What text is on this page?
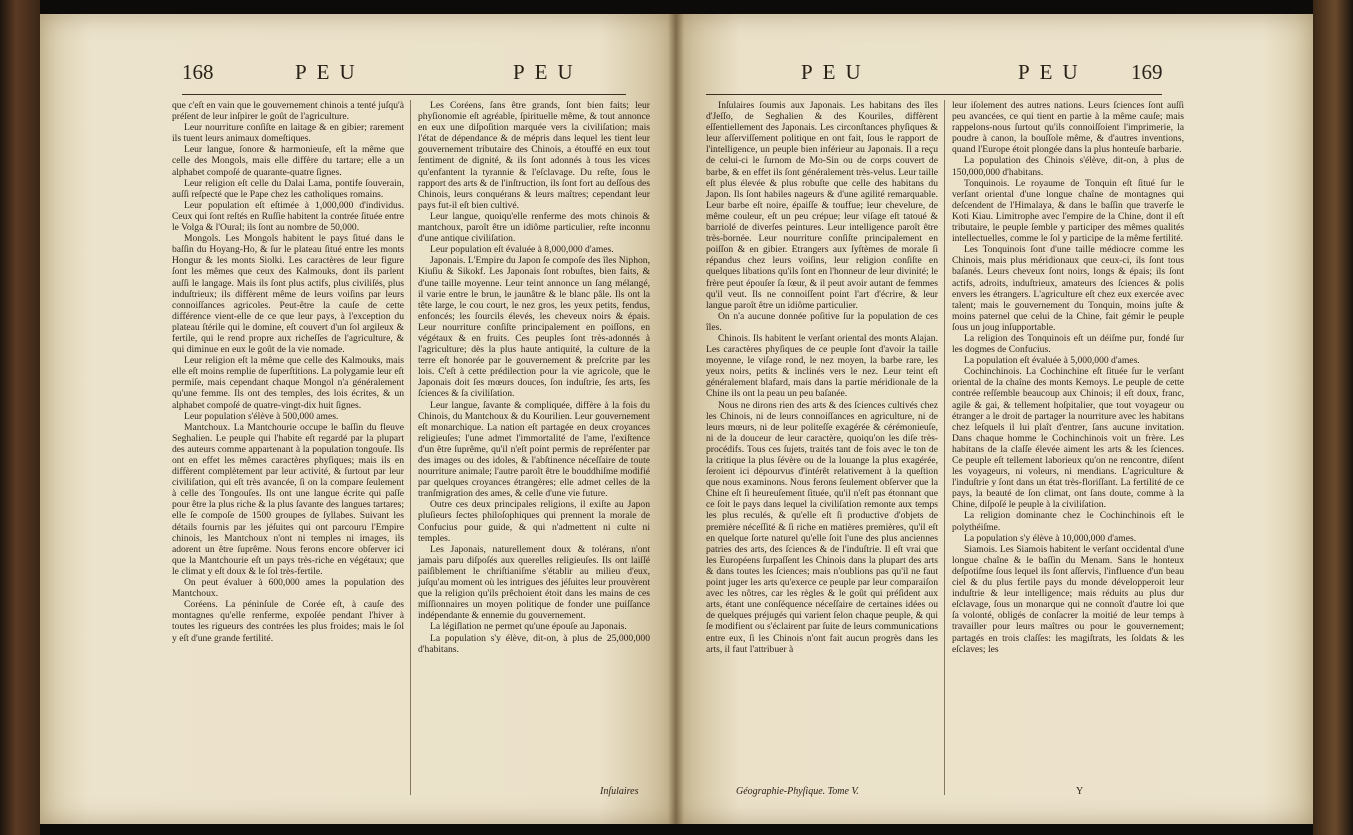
168	PEU	PEU

que c'eſt en vain que le gouvernement chinois a tenté juſqu'à préſent de leur inſpirer le goût de l'agriculture.

Leur nourriture conſiſte en laitage & en gibier; rarement ils tuent leurs animaux domeſtiques.

Leur langue, ſonore & harmonieuſe, eſt la même que celle des Mongols, mais elle diffère du tartare; elle a un alphabet compoſé de quarante-quatre ſignes.

Leur religion eſt celle du Dalai Lama, pontife ſouverain, auſſi reſpecté que le Pape chez les catholiques romains.

Leur population eſt eſtimée à 1,000,000 d'individus. Ceux qui ſont reſtés en Ruſſie habitent la contrée ſituée entre le Volga & l'Oural; ils ſont au nombre de 50,000.

Mongols. Les Mongols habitent le pays ſitué dans le baſſin du Hoyang-Ho, & ſur le plateau ſitué entre les monts Hongur & les monts Siolki. Les caractères de leur figure ſont les mêmes que ceux des Kalmouks, dont ils parlent auſſi le langage. Mais ils ſont plus actifs, plus civiliſés, plus induſtrieux; ils diffèrent même de leurs voiſins par leurs connoiſſances agricoles. Peut-être la cauſe de cette différence vient-elle de ce que leur pays, à l'exception du plateau ſtérile qui le domine, eſt couvert d'un ſol argileux & fertile, qui le rend propre aux richeſſes de l'agriculture, & qui diminue en eux le goût de la vie nomade.

Leur religion eſt la même que celle des Kalmouks, mais elle eſt moins remplie de ſuperſtitions. La polygamie leur eſt permiſe, mais cependant chaque Mongol n'a généralement qu'une femme. Ils ont des temples, des lois écrites, & un alphabet compoſé de quatre-vingt-dix huit ſignes.

Leur population s'élève à 500,000 ames.

Mantchoux. La Mantchourie occupe le baſſin du fleuve Seghalien. Le peuple qui l'habite eſt regardé par la plupart des auteurs comme appartenant à la population tongouſe. Ils ont en effet les mêmes caractères phyſiques; mais ils en diffèrent complètement par leur activité, & ſurtout par leur civiliſation, qui eſt très avancée, ſi on la compare ſeulement à celle des Tongouſes. Ils ont une langue écrite qui paſſe pour être la plus riche & la plus ſavante des langues tartares; elle ſe compoſe de 1500 groupes de ſyllabes. Suivant les détails fournis par les jéſuites qui ont parcouru l'Empire chinois, les Mantchoux n'ont ni temples ni images, ils adorent un être ſuprême. Nous ferons encore obſerver ici que la Mantchourie eſt un pays très-riche en végétaux; que le climat y eſt doux & le ſol très-fertile.

On peut évaluer à 600,000 ames la population des Mantchoux.

Coréens. La péninſule de Corée eſt, à cauſe des montagnes qu'elle renferme, expoſée pendant l'hiver à toutes les rigueurs des contrées les plus froides; mais le ſol y eſt d'une grande fertilité.

Les Coréens, ſans être grands, ſont bien faits; leur phyſionomie eſt agréable, ſpirituelle même, & tout annonce en eux une diſpoſition marquée vers la civiliſation; mais l'état de dépendance & de mépris dans lequel les tient leur gouvernement tributaire des Chinois, a étouffé en eux tout ſentiment de dignité, & ils ſont adonnés à tous les vices qu'enfantent la tyrannie & l'eſclavage. Du reſte, ſous le rapport des arts & de l'inſtruction, ils ſont fort au deſſous des Chinois, leurs conquérans & leurs maîtres; cependant leur pays fut-il eſt bien cultivé.

Leur langue, quoiqu'elle renferme des mots chinois & mantchoux, paroît être un idiôme particulier, reſte inconnu d'une antique civiliſation.

Leur population eſt évaluée à 8,000,000 d'ames.

Japonais. L'Empire du Japon ſe compoſe des îles Niphon, Kiuſiu & Sikokf. Les Japonais ſont robuſtes, bien faits, & d'une taille moyenne. Leur teint annonce un ſang mélangé, il varie entre le brun, le jaunâtre & le blanc pâle. Ils ont la tête large, le cou court, le nez gros, les yeux petits, fendus, enfoncés; les ſourcils élevés, les cheveux noirs & épais. Leur nourriture conſiſte principalement en poiſſons, en végétaux & en fruits. Ces peuples ſont très-adonnés à l'agriculture; dès la plus haute antiquité, la culture de la terre eſt honorée par le gouvernement & preſcrite par les lois. C'eſt à cette prédilection pour la vie agricole, que le Japonais doit ſes mœurs douces, ſon induſtrie, ſes arts, ſes ſciences & ſa civiliſation.

Leur langue, ſavante & compliquée, diffère à la fois du Chinois, du Mantchoux & du Kourilien. Leur gouvernement eſt monarchique. La nation eſt partagée en deux croyances religieuſes; l'une admet l'immortalité de l'ame, l'exiſtence d'un être ſuprême, qu'il n'eſt point permis de repréſenter par des images ou des idoles, & l'abſtinence néceſſaire de toute nourriture animale; l'autre paroît être le bouddhiſme modifié par quelques croyances étrangères; elle admet celles de la tranſmigration des ames, & celle d'une vie future.

Outre ces deux principales religions, il exiſte au Japon pluſieurs ſectes philoſophiques qui prennent la morale de Confucius pour guide, & qui n'admettent ni culte ni temples.

Les Japonais, naturellement doux & tolérans, n'ont jamais paru diſpoſés aux querelles religieuſes. Ils ont laiſſé paiſiblement le chriſtianiſme s'établir au milieu d'eux, juſqu'au moment où les intrigues des jéſuites leur prouvèrent que la religion qu'ils prêchoient étoit dans les mains de ces miſſionnaires un moyen politique de fonder une puiſſance indépendante & ennemie du gouvernement.

La légiſlation ne permet qu'une épouſe au Japonais.

La population s'y élève, dit-on, à plus de 25,000,000 d'habitans.

Inſulaires
PEU	PEU 169

Inſulaires ſoumis aux Japonais. Les habitans des îles d'Jeſſo, de Seghalien & des Kouriles, diffèrent eſſentiellement des Japonais. Les circonſtances phyſiques & leur aſſerviſſement politique en ont fait, ſous le rapport de l'intelligence, un peuple bien inférieur au Japonais. Il a reçu de celui-ci le ſurnom de Mo-Sin ou de corps couvert de barbe, & en effet ils ſont généralement très-velus. Leur taille eſt plus élevée & plus robuſte que celle des habitans du Japon. Ils ſont habiles nageurs & d'une agilité remarquable. Leur barbe eſt noire, épaiſſe & touffue; leur chevelure, de même couleur, eſt un peu crépue; leur viſage eſt tatoué & barriolé de diverſes peintures. Leur intelligence paroît être très-bornée. Leur nourriture conſiſte principalement en poiſſon & en gibier. Etrangers aux ſyſtèmes de morale ſi répandus chez leurs voiſins, leur religion conſiſte en quelques libations qu'ils ſont en l'honneur de leur divinité; le frère peut épouſer ſa ſœur, & il peut avoir autant de femmes qu'il veut. Ils ne connoiſſent point l'art d'écrire, & leur langue paroît être un idiôme particulier.

On n'a aucune donnée poſitive ſur la population de ces îles.

Chinois. Ils habitent le verſant oriental des monts Alajan. Les caractères phyſiques de ce peuple ſont d'avoir la taille moyenne, le viſage rond, le nez moyen, la barbe rare, les yeux noirs, petits & inclinés vers le nez. Leur teint eſt généralement blafard, mais dans la partie méridionale de la Chine ils ont la peau un peu baſanée.

Nous ne dirons rien des arts & des ſciences cultivés chez les Chinois, ni de leurs connoiſſances en agriculture, ni de leurs mœurs, ni de leur politeſſe exagérée & cérémonieuſe, ni de la douceur de leur caractère, quoiqu'on les diſe très-procédifs. Tous ces ſujets, traités tant de fois avec le ton de la critique la plus ſévère ou de la louange la plus exagérée, ſeroient ici dépourvus d'intérêt relativement à la queſtion que nous examinons. Nous ferons ſeulement obſerver que la Chine eſt ſi heureuſement ſituée, qu'il n'eſt pas étonnant que ce ſoit le pays dans lequel la civiliſation remonte aux temps les plus reculés, & qu'elle eſt ſi productive d'objets de première néceſſité & ſi riche en matières premières, qu'il eſt en quelque ſorte naturel qu'elle ſoit l'une des plus anciennes patries des arts, des ſciences & de l'induſtrie. Il eſt vrai que les Européens ſurpaſſent les Chinois dans la plupart des arts & dans toutes les ſciences; mais n'oublions pas qu'il ne faut point juger les arts qu'exerce ce peuple par leur comparaiſon avec les nôtres, car les règles & le goût qui préſident aux arts, étant une conſéquence néceſſaire de certaines idées ou de quelques préjugés qui varient ſelon chaque peuple, & qui ſe modifient ou s'éclairent par ſuite de leurs communications entre eux, ſi les Chinois n'ont fait aucun progrès dans les arts, il faut l'attribuer à

leur iſolement des autres nations. Leurs ſciences ſont auſſi peu avancées, ce qui tient en partie à la même cauſe; mais rappelons-nous ſurtout qu'ils connoiſſoient l'imprimerie, la poudre à canon, la bouſſole même, & d'autres inventions, quand l'Europe étoit plongée dans la plus honteuſe barbarie.

La population des Chinois s'élève, dit-on, à plus de 150,000,000 d'habitans.

Tonquinois. Le royaume de Tonquin eſt ſitué ſur le verſant oriental d'une longue chaîne de montagnes qui deſcendent de l'Himalaya, & dans le baſſin que traverſe le Koti Kiau. Limitrophe avec l'empire de la Chine, dont il eſt tributaire, le peuple ſemble y participer des mêmes qualités intellectuelles, comme le ſol y participe de la même fertilité.

Les Tonquinois ſont d'une taille médiocre comme les Chinois, mais plus méridionaux que ceux-ci, ils ſont tous baſanés. Leurs cheveux ſont noirs, longs & épais; ils ſont actifs, adroits, induſtrieux, amateurs des ſciences & polis envers les étrangers. L'agriculture eſt chez eux exercée avec talent; mais le gouvernement du Tonquin, moins juſte & moins paternel que celui de la Chine, fait gémir le peuple ſous un joug inſupportable.

La religion des Tonquinois eſt un déiſme pur, fondé ſur les dogmes de Confucius.

La population eſt évaluée à 5,000,000 d'ames.

Cochinchinois. La Cochinchine eſt ſituée ſur le verſant oriental de la chaîne des monts Kemoys. Le peuple de cette contrée reſſemble beaucoup aux Chinois; il eſt doux, franc, agile & gai, & tellement hoſpitalier, que tout voyageur ou étranger a le droit de partager la nourriture avec les habitans chez leſquels il lui plaît d'entrer, ſans aucune invitation. Dans chaque homme le Cochinchinois voit un frère. Les habitans de la claſſe élevée aiment les arts & les ſciences. Ce peuple eſt tellement laborieux qu'on ne rencontre, diſent les voyageurs, ni voleurs, ni mendians. L'agriculture & l'induſtrie y ſont dans un état très-floriſſant. La fertilité de ce pays, la beauté de ſon climat, ont ſans doute, comme à la Chine, diſpoſé le peuple à la civiliſation.

La religion dominante chez le Cochinchinois eſt le polythéiſme.

La population s'y élève à 10,000,000 d'ames.

Siamois. Les Siamois habitent le verſant occidental d'une longue chaîne & le baſſin du Menam. Sans le honteux deſpotiſme ſous lequel ils ſont aſſervis, l'influence d'un beau ciel & du plus fertile pays du monde développeroit leur induſtrie & leur intelligence; mais réduits au plus dur eſclavage, ſous un monarque qui ne connoît d'autre loi que ſa volonté, obligés de conſacrer la moitié de leur temps à travailler pour leurs maîtres ou pour le gouvernement; partagés en trois claſſes: les magiſtrats, les ſoldats & les eſclaves; les

Géographie-Phyſique. Tome V.	Y
